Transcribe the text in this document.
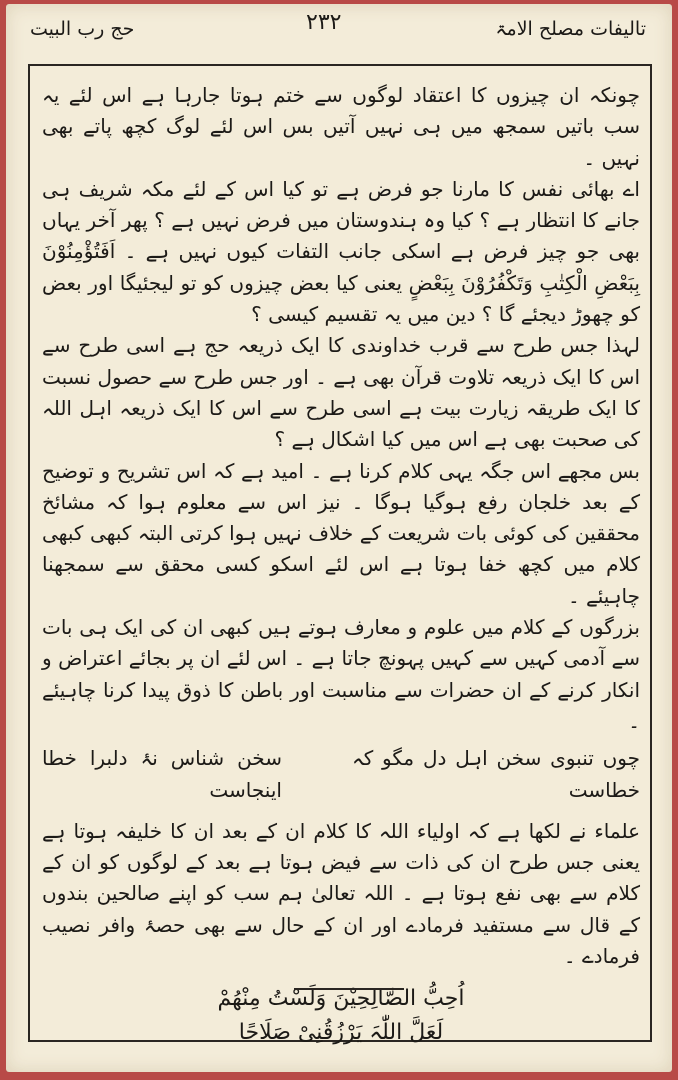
حج رب البیت	۲۳۲	تالیفات مصلح الامۃ

چونکہ ان چیزوں کا اعتقاد لوگوں سے ختم ہوتا جارہا ہے اس لئے یہ سب باتیں سمجھ میں ہی نہیں آتیں بس اس لئے لوگ کچھ پاتے بھی نہیں ۔

اے بھائی نفس کا مارنا جو فرض ہے تو کیا اس کے لئے مکہ شریف ہی جانے کا انتظار ہے ؟ کیا وہ ہندوستان میں فرض نہیں ہے ؟ پھر آخر یہاں بھی جو چیز فرض ہے اسکی جانب التفات کیوں نہیں ہے ۔ اَفَتُؤْمِنُوْنَ بِبَعْضِ الْکِتٰبِ وَتَکْفُرُوْنَ بِبَعْضٍ یعنی کیا بعض چیزوں کو تو لیجئیگا اور بعض کو چھوڑ دیجئے گا ؟ دین میں یہ تقسیم کیسی ؟

لہذا جس طرح سے قرب خداوندی کا ایک ذریعہ حج ہے اسی طرح سے اس کا ایک ذریعہ تلاوت قرآن بھی ہے ۔ اور جس طرح سے حصول نسبت کا ایک طریقہ زیارت بیت ہے اسی طرح سے اس کا ایک ذریعہ اہل اللہ کی صحبت بھی ہے اس میں کیا اشکال ہے ؟

بس مجھے اس جگہ یہی کلام کرنا ہے ۔ امید ہے کہ اس تشریح و توضیح کے بعد خلجان رفع ہوگیا ہوگا ۔ نیز اس سے معلوم ہوا کہ مشائخ محققین کی کوئی بات شریعت کے خلاف نہیں ہوا کرتی البتہ کبھی کبھی کلام میں کچھ خفا ہوتا ہے اس لئے اسکو کسی محقق سے سمجھنا چاہیئے ۔

بزرگوں کے کلام میں علوم و معارف ہوتے ہیں کبھی ان کی ایک ہی بات سے آدمی کہیں سے کہیں پہونچ جاتا ہے ۔ اس لئے ان پر بجائے اعتراض و انکار کرنے کے ان حضرات سے مناسبت اور باطن کا ذوق پیدا کرنا چاہیئے ۔

چوں تنبوی سخن اہل دل مگو کہ خطاست
سخن شناس نۂ دلبرا خطا اینجاست

علماء نے لکھا ہے کہ اولیاء اللہ کا کلام ان کے بعد ان کا خلیفہ ہوتا ہے یعنی جس طرح ان کی ذات سے فیض ہوتا ہے بعد کے لوگوں کو ان کے کلام سے بھی نفع ہوتا ہے ۔ اللہ تعالیٰ ہم سب کو اپنے صالحین بندوں کے قال سے مستفید فرمادے اور ان کے حال سے بھی حصۂ وافر نصیب فرمادے ۔

اُحِبُّ الصَّالِحِیْنَ وَلَسْتُ مِنْھُمْ
لَعَلَّ اللّٰہَ یَرْزُقُنِیْ صَلَاحًا
